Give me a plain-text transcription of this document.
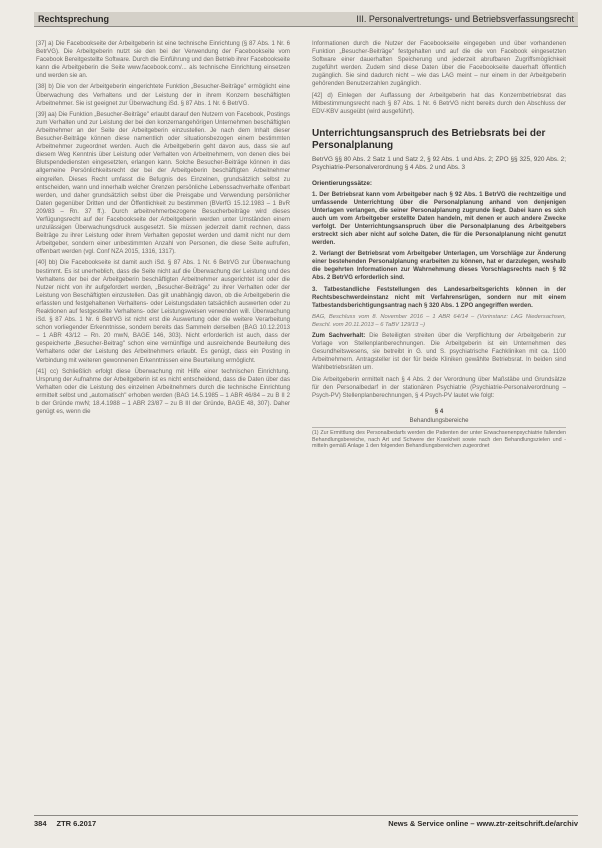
Rechtsprechung	III. Personalvertretungs- und Betriebsverfassungsrecht

[37] a) Die Facebookseite der Arbeitgeberin ist eine technische Einrichtung (§ 87 Abs. 1 Nr. 6 BetrVG). Die Arbeitgeberin nutzt sie den bei der Verwendung der Facebookseite vom Facebook Bereitgestellte Software. Durch die Einführung und den Betrieb ihrer Facebookseite kann die Arbeitgeberin die Seite www.facebook.com/... als technische Einrichtung einsetzen und werden sie an.

[38] b) Die von der Arbeitgeberin eingerichtete Funktion „Besucher-Beiträge" ermöglicht eine Überwachung des Verhaltens und der Leistung der in ihrem Konzern beschäftigten Arbeitnehmer. Sie ist geeignet zur Überwachung iSd. § 87 Abs. 1 Nr. 6 BetrVG.

[39] aa) Die Funktion „Besucher-Beiträge" erlaubt darauf den Nutzern von Facebook, Postings zum Verhalten und zur Leistung der bei den konzernangehörigen Unternehmen beschäftigten Arbeitnehmer an der Seite der Arbeitgeberin einzustellen. Je nach dem Inhalt dieser Besucher-Beiträge können diese namentlich oder situationsbezogen einem bestimmten Arbeitnehmer zugeordnet werden. Auch die Arbeitgeberin geht davon aus, dass sie auf diesem Weg Kenntnis über Leistung oder Verhalten von Arbeitnehmern, von denen dies bei Blutspendediensten eingesetzten, erlangen kann. Solche Besucher-Beiträge können in das allgemeine Persönlichkeitsrecht der bei der Arbeitgeberin beschäftigten Arbeitnehmer eingreifen. Dieses Recht umfasst die Befugnis des Einzelnen, grundsätzlich selbst zu entscheiden, wann und innerhalb welcher Grenzen persönliche Lebenssachverhalte offenbart werden, und daher grundsätzlich selbst über die Preisgabe und Verwendung persönlicher Daten gegenüber Dritten und der Öffentlichkeit zu bestimmen (BVerfG 15.12.1983 – 1 BvR 209/83 – Rn. 37 ff.). Durch arbeitnehmerbezogene Besucherbeiträge wird dieses Verfügungsrecht auf der Facebookseite der Arbeitgeberin werden unter Umständen einem unzulässigen Überwachungsdruck ausgesetzt. Sie müssen jederzeit damit rechnen, dass Beiträge zu ihrer Leistung oder ihrem Verhalten gepostet werden und damit nicht nur dem Arbeitgeber, sondern einer unbestimmten Anzahl von Personen, die diese Seite aufrufen, offenbart werden (vgl. Conf NZA 2015, 1316, 1317).

[40] bb) Die Facebookseite ist damit auch iSd. § 87 Abs. 1 Nr. 6 BetrVG zur Überwachung bestimmt. Es ist unerheblich, dass die Seite nicht auf die Überwachung der Leistung und des Verhaltens der bei der Arbeitgeberin beschäftigten Arbeitnehmer ausgerichtet ist oder die Nutzer nicht von ihr aufgefordert werden, „Besucher-Beiträge" zu ihrer Verhalten oder der Leistung von Beschäftigten einzustellen. Das gilt unabhängig davon, ob die Arbeitgeberin die erfassten und festgehaltenen Verhaltens- oder Leistungsdaten tatsächlich auswerten oder zu Reaktionen auf festgestellte Verhaltens- oder Leistungsweisen verwenden will. Überwachung iSd. § 87 Abs. 1 Nr. 6 BetrVG ist nicht erst die Auswertung oder die weitere Verarbeitung schon vorliegender Erkenntnisse, sondern bereits das Sammeln derselben (BAG 10.12.2013 – 1 ABR 43/12 – Rn. 20 mwN, BAGE 146, 303). Nicht erforderlich ist auch, dass der gespeicherte „Besucher-Beitrag" schon eine vernünftige und ausreichende Beurteilung des Verhaltens oder der Leistung des Arbeitnehmers erlaubt. Es genügt, dass ein Posting in Verbindung mit weiteren gewonnenen Erkenntnissen eine Beurteilung ermöglicht.

[41] cc) Schließlich erfolgt diese Überwachung mit Hilfe einer technischen Einrichtung. Ursprung der Aufnahme der Arbeitgeberin ist es nicht entscheidend, dass die Daten über das Verhalten oder die Leistung des einzelnen Arbeitnehmers durch die technische Einrichtung ermittelt selbst und „automatisch" erhoben werden (BAG 14.5.1985 – 1 ABR 46/84 – zu B II 2 b der Gründe mwN; 18.4.1988 – 1 ABR 23/87 – zu B III der Gründe, BAGE 48, 307). Daher genügt es, wenn die

Informationen durch die Nutzer der Facebookseite eingegeben und über vorhandenen Funktion „Besucher-Beiträge" festgehalten und auf die die von Facebook eingesetzten Software einer dauerhaften Speicherung und jederzeit abrufbaren Zugriffsmöglichkeit zugeführt werden. Zudem sind diese Daten über die Facebookseite dauerhaft öffentlich zugänglich. Sie sind dadurch nicht – wie das LAG meint – nur einem in der Arbeitgeberin gehörenden Benutzerzahlen zugänglich.

[42] d) Einlegen der Auffassung der Arbeitgeberin hat das Konzernbetriebsrat das Mitbestimmungsrecht nach § 87 Abs. 1 Nr. 6 BetrVG nicht bereits durch den Abschluss der EDV-KBV ausgeübt (wird ausgeführt).

Unterrichtungsanspruch des Betriebsrats bei der Personalplanung
BetrVG §§ 80 Abs. 2 Satz 1 und Satz 2, § 92 Abs. 1 und Abs. 2; ZPO §§ 325, 920 Abs. 2; Psychiatrie-Personalverordnung § 4 Abs. 2 und Abs. 3
Orientierungssätze:

1. Der Betriebsrat kann vom Arbeitgeber nach § 92 Abs. 1 BetrVG die rechtzeitige und umfassende Unterrichtung über die Personalplanung anhand von denjenigen Unterlagen verlangen, die seiner Personalplanung zugrunde liegt. Dabei kann es sich auch um vom Arbeitgeber erstellte Daten handeln, mit denen er auch andere Zwecke verfolgt. Der Unterrichtungsanspruch über die Personalplanung des Arbeitgebers erstreckt sich aber nicht auf solche Daten, die für die Personalplanung nicht genutzt werden.

2. Verlangt der Betriebsrat vom Arbeitgeber Unterlagen, um Vorschläge zur Änderung einer bestehenden Personalplanung erarbeiten zu können, hat er darzulegen, weshalb die begehrten Informationen zur Wahrnehmung dieses Vorschlagsrechts nach § 92 Abs. 2 BetrVG erforderlich sind.

3. Tatbestandliche Feststellungen des Landesarbeitsgerichts können in der Rechtsbeschwerdeinstanz nicht mit Verfahrensrügen, sondern nur mit einem Tatbestandsberichtigungsantrag nach § 320 Abs. 1 ZPO angegriffen werden.

BAG, Beschluss vom 8. November 2016 – 1 ABR 64/14 – (Vorinstanz: LAG Niedersachsen, Beschl. vom 20.11.2013 – 6 TaBV 129/13 –)

Zum Sachverhalt: Die Beteiligten streiten über die Verpflichtung der Arbeitgeberin zur Vorlage von Stellenplanberechnungen. Die Arbeitgeberin ist ein Unternehmen des Gesundheitswesens, sie betreibt in G. und S. psychiatrische Fachkliniken mit ca. 1100 Arbeitnehmern. Antragsteller ist der für beide Kliniken gewählte Betriebsrat. In beiden sind Wahlbetriebsräten um.

Die Arbeitgeberin ermittelt nach § 4 Abs. 2 der Verordnung über Maßstäbe und Grundsätze für den Personalbedarf in der stationären Psychiatrie (Psychiatrie-Personalverordnung – Psych-PV) Stellenplanberechnungen, § 4 Psych-PV lautet wie folgt:

§ 4
Behandlungsbereiche
(1) Zur Ermittlung des Personalbedarfs werden die Patienten der unter Erwachsenenpsychiatrie fallenden Behandlungsbereiche, nach Art und Schwere der Krankheit sowie nach den Behandlungszielen und -mitteln gemäß Anlage 1 den folgenden Behandlungsbereichen zugeordnet
384 ZTR 6.2017	News & Service online – www.ztr-zeitschrift.de/archiv
